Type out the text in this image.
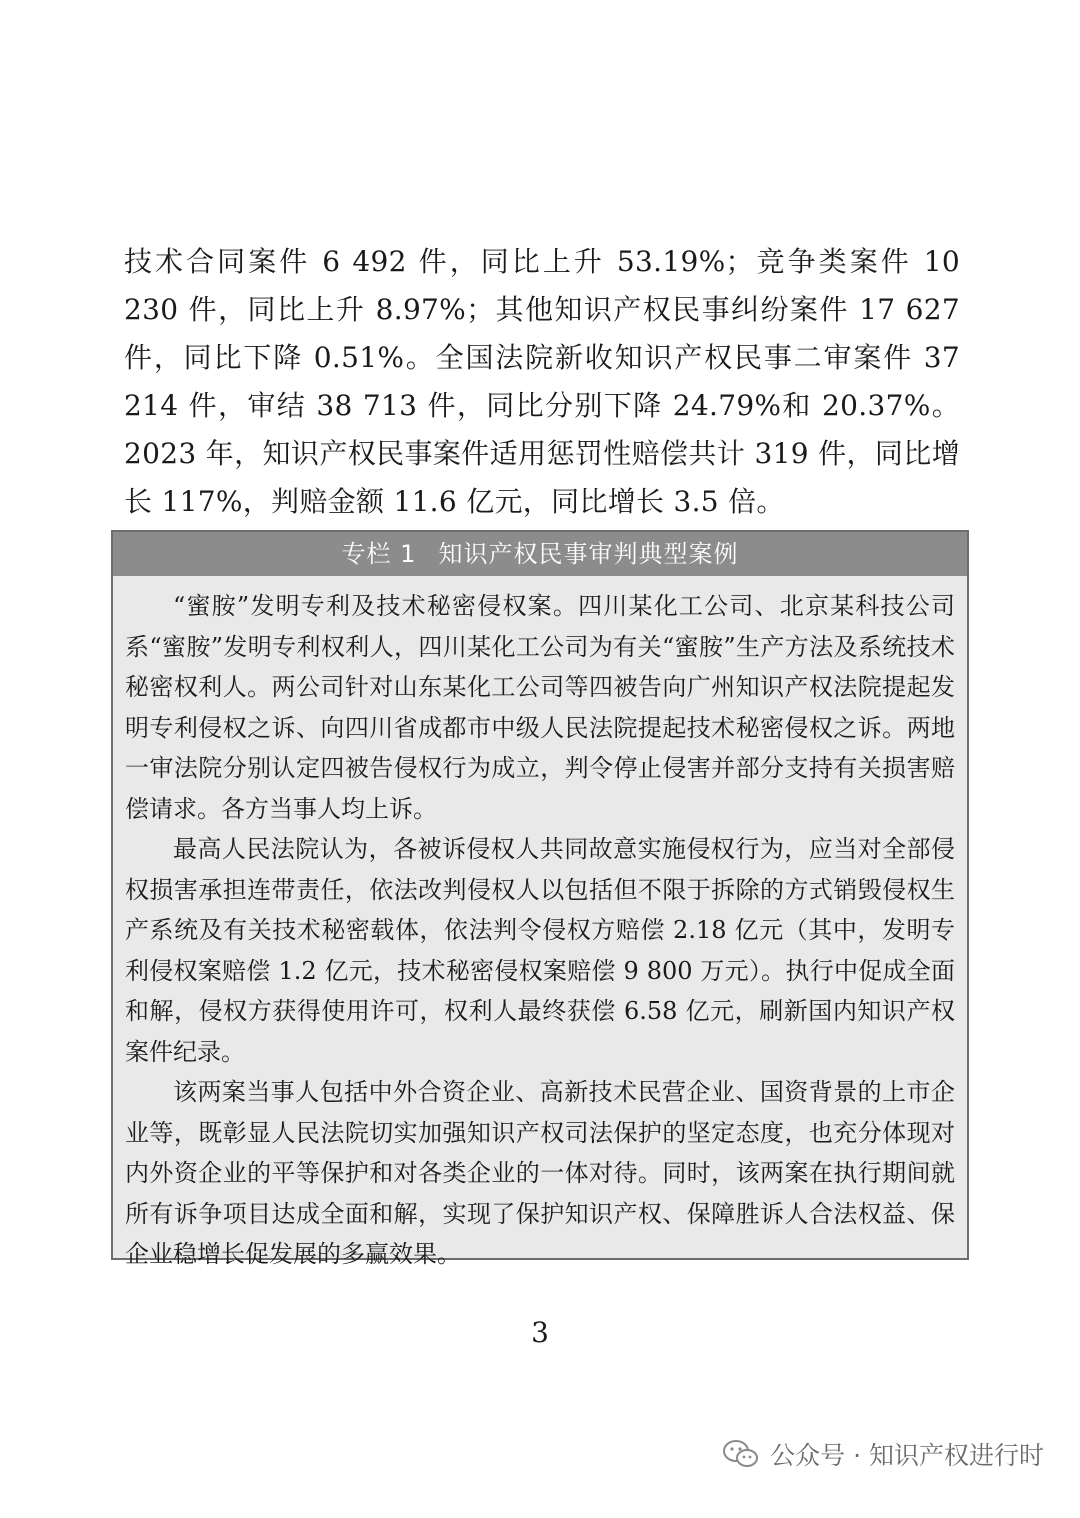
技术合同案件 6 492 件，同比上升 53.19%；竞争类案件 10 230 件，同比上升 8.97%；其他知识产权民事纠纷案件 17 627 件，同比下降 0.51%。全国法院新收知识产权民事二审案件 37 214 件，审结 38 713 件，同比分别下降 24.79%和 20.37%。2023 年，知识产权民事案件适用惩罚性赔偿共计 319 件，同比增长 117%，判赔金额 11.6 亿元，同比增长 3.5 倍。
专栏 1 知识产权民事审判典型案例

“蜜胺”发明专利及技术秘密侵权案。四川某化工公司、北京某科技公司系“蜜胺”发明专利权利人，四川某化工公司为有关“蜜胺”生产方法及系统技术秘密权利人。两公司针对山东某化工公司等四被告向广州知识产权法院提起发明专利侵权之诉、向四川省成都市中级人民法院提起技术秘密侵权之诉。两地一审法院分别认定四被告侵权行为成立，判令停止侵害并部分支持有关损害赔偿请求。各方当事人均上诉。

最高人民法院认为，各被诉侵权人共同故意实施侵权行为，应当对全部侵权损害承担连带责任，依法改判侵权人以包括但不限于拆除的方式销毁侵权生产系统及有关技术秘密载体，依法判令侵权方赔偿 2.18 亿元（其中，发明专利侵权案赔偿 1.2 亿元，技术秘密侵权案赔偿 9 800 万元）。执行中促成全面和解，侵权方获得使用许可，权利人最终获偿 6.58 亿元，刷新国内知识产权案件纪录。

该两案当事人包括中外合资企业、高新技术民营企业、国资背景的上市企业等，既彰显人民法院切实加强知识产权司法保护的坚定态度，也充分体现对内外资企业的平等保护和对各类企业的一体对待。同时，该两案在执行期间就所有诉争项目达成全面和解，实现了保护知识产权、保障胜诉人合法权益、保企业稳增长促发展的多赢效果。

3
公众号 · 知识产权进行时
